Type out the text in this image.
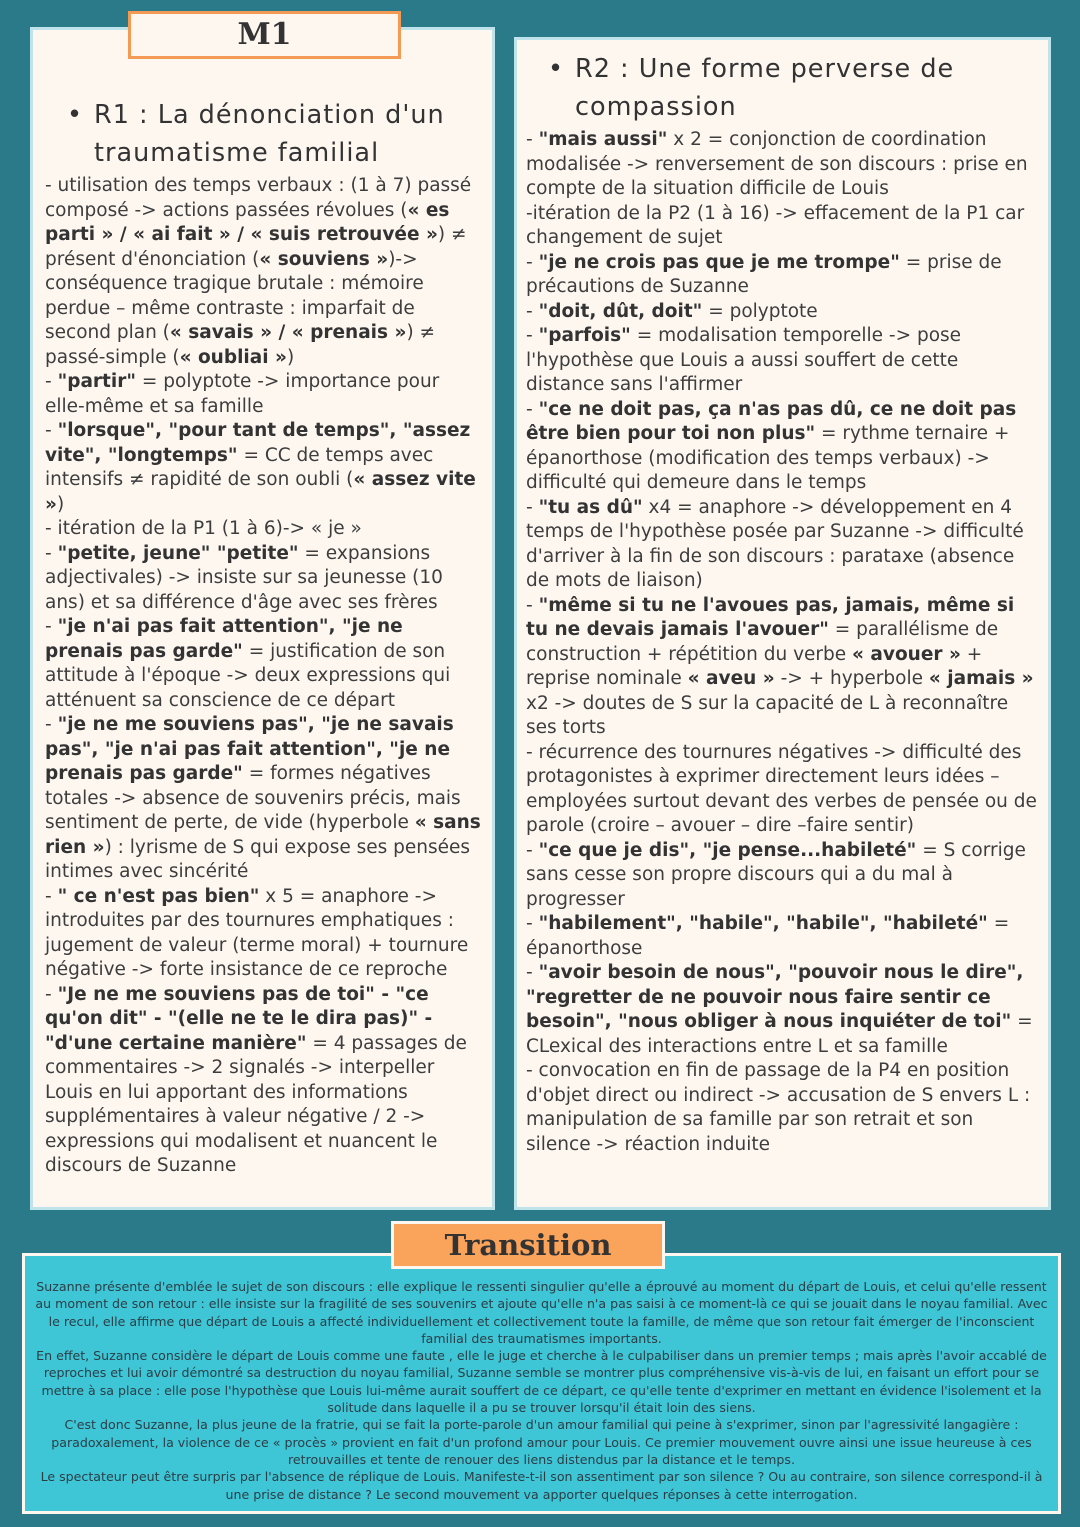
• R1 : La dénonciation d'un traumatisme familial
- utilisation des temps verbaux : (1 à 7) passé composé -> actions passées révolues (« es parti » / « ai fait » / « suis retrouvée ») ≠ présent d'énonciation (« souviens »)-> conséquence tragique brutale : mémoire perdue – même contraste : imparfait de second plan (« savais » / « prenais ») ≠ passé-simple (« oubliai »)
- "partir" = polyptote -> importance pour elle-même et sa famille
- "lorsque", "pour tant de temps", "assez vite", "longtemps" = CC de temps avec intensifs ≠ rapidité de son oubli (« assez vite »)
- itération de la P1 (1 à 6)-> « je »
- "petite, jeune" "petite" = expansions adjectivales) -> insiste sur sa jeunesse (10 ans) et sa différence d'âge avec ses frères
- "je n'ai pas fait attention", "je ne prenais pas garde" = justification de son attitude à l'époque -> deux expressions qui atténuent sa conscience de ce départ
- "je ne me souviens pas", "je ne savais pas", "je n'ai pas fait attention", "je ne prenais pas garde" = formes négatives totales -> absence de souvenirs précis, mais sentiment de perte, de vide (hyperbole « sans rien ») : lyrisme de S qui expose ses pensées intimes avec sincérité
- " ce n'est pas bien" x 5 = anaphore -> introduites par des tournures emphatiques : jugement de valeur (terme moral) + tournure négative -> forte insistance de ce reproche
- "Je ne me souviens pas de toi" - "ce qu'on dit" - "(elle ne te le dira pas)" - "d'une certaine manière" = 4 passages de commentaires -> 2 signalés -> interpeller Louis en lui apportant des informations supplémentaires à valeur négative / 2 -> expressions qui modalisent et nuancent le discours de Suzanne
M1
• R2 : Une forme perverse de compassion
- "mais aussi" x 2 = conjonction de coordination modalisée -> renversement de son discours : prise en compte de la situation difficile de Louis
-itération de la P2 (1 à 16) -> effacement de la P1 car changement de sujet
- "je ne crois pas que je me trompe" = prise de précautions de Suzanne
- "doit, dût, doit" = polyptote
- "parfois" = modalisation temporelle -> pose l'hypothèse que Louis a aussi souffert de cette distance sans l'affirmer
- "ce ne doit pas, ça n'as pas dû, ce ne doit pas être bien pour toi non plus" = rythme ternaire + épanorthose (modification des temps verbaux) -> difficulté qui demeure dans le temps
- "tu as dû" x4 = anaphore -> développement en 4 temps de l'hypothèse posée par Suzanne -> difficulté d'arriver à la fin de son discours : parataxe (absence de mots de liaison)
- "même si tu ne l'avoues pas, jamais, même si tu ne devais jamais l'avouer" = parallélisme de construction + répétition du verbe « avouer » + reprise nominale « aveu » -> + hyperbole « jamais » x2 -> doutes de S sur la capacité de L à reconnaître ses torts
- récurrence des tournures négatives -> difficulté des protagonistes à exprimer directement leurs idées – employées surtout devant des verbes de pensée ou de parole (croire – avouer – dire –faire sentir)
- "ce que je dis", "je pense...habileté" = S corrige sans cesse son propre discours qui a du mal à progresser
- "habilement", "habile", "habile", "habileté" = épanorthose
- "avoir besoin de nous", "pouvoir nous le dire", "regretter de ne pouvoir nous faire sentir ce besoin", "nous obliger à nous inquiéter de toi" = CLexical des interactions entre L et sa famille
- convocation en fin de passage de la P4 en position d'objet direct ou indirect -> accusation de S envers L : manipulation de sa famille par son retrait et son silence -> réaction induite

Suzanne présente d'emblée le sujet de son discours : elle explique le ressenti singulier qu'elle a éprouvé au moment du départ de Louis, et celui qu'elle ressent au moment de son retour : elle insiste sur la fragilité de ses souvenirs et ajoute qu'elle n'a pas saisi à ce moment-là ce qui se jouait dans le noyau familial. Avec le recul, elle affirme que départ de Louis a affecté individuellement et collectivement toute la famille, de même que son retour fait émerger de l'inconscient familial des traumatismes importants.

En effet, Suzanne considère le départ de Louis comme une faute , elle le juge et cherche à le culpabiliser dans un premier temps ; mais après l'avoir accablé de reproches et lui avoir démontré sa destruction du noyau familial, Suzanne semble se montrer plus compréhensive vis-à-vis de lui, en faisant un effort pour se mettre à sa place : elle pose l'hypothèse que Louis lui-même aurait souffert de ce départ, ce qu'elle tente d'exprimer en mettant en évidence l'isolement et la solitude dans laquelle il a pu se trouver lorsqu'il était loin des siens.

C'est donc Suzanne, la plus jeune de la fratrie, qui se fait la porte-parole d'un amour familial qui peine à s'exprimer, sinon par l'agressivité langagière : paradoxalement, la violence de ce « procès » provient en fait d'un profond amour pour Louis. Ce premier mouvement ouvre ainsi une issue heureuse à ces retrouvailles et tente de renouer des liens distendus par la distance et le temps.

Le spectateur peut être surpris par l'absence de réplique de Louis. Manifeste-t-il son assentiment par son silence ? Ou au contraire, son silence correspond-il à une prise de distance ? Le second mouvement va apporter quelques réponses à cette interrogation.

Transition
